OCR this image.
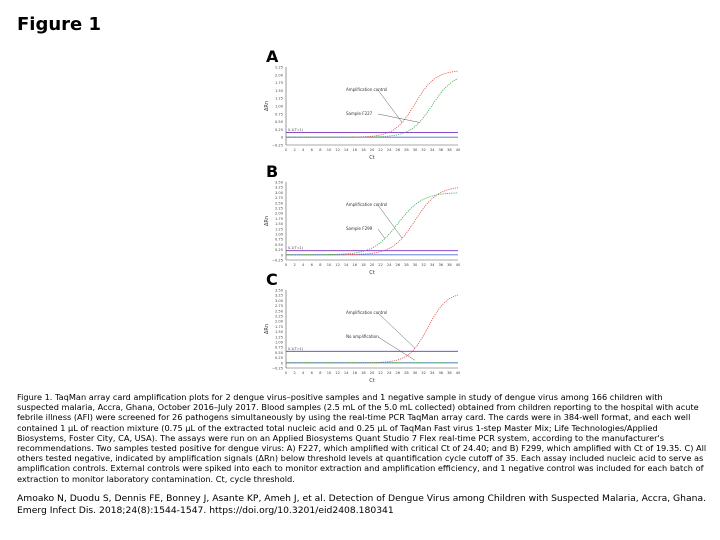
Figure 1
A
2.25
2.00
1.75
1.50
1.25
1.00
0.75
0.50
0.25
0
−0.25
0 2 4 6 8 10 12 14 16 18 20 22 24 26 28 30 32 34 36 38 40
Ct
ΔRn
0.1(T=1)
Amplification control
Sample F227
B
3.50
3.25
3.00
2.75
2.50
2.25
2.00
1.75
1.50
1.25
1.00
0.75
0.50
0.25
0
−0.25
0 2 4 6 8 10 12 14 16 18 20 22 24 26 28 30 32 34 36 38 40
Ct
ΔRn
0.1(T=1)
Amplification control
Sample F299
C
3.50
3.25
3.00
2.75
2.50
2.25
2.00
1.75
1.50
1.25
1.00
0.75
0.50
0.25
0
−0.25
0 2 4 6 8 10 12 14 16 18 20 22 24 26 28 30 32 34 36 38 40
Ct
ΔRn
0.1(T=1)
Amplification control
No amplification
Figure 1. TaqMan array card amplification plots for 2 dengue virus–positive samples and 1 negative sample in study of dengue virus among 166 children with suspected malaria, Accra, Ghana, October 2016–July 2017. Blood samples (2.5 mL of the 5.0 mL collected) obtained from children reporting to the hospital with acute febrile illness (AFI) were screened for 26 pathogens simultaneously by using the real-time PCR TaqMan array card. The cards were in 384-well format, and each well contained 1 µL of reaction mixture (0.75 µL of the extracted total nucleic acid and 0.25 µL of TaqMan Fast virus 1-step Master Mix; Life Technologies/Applied Biosystems, Foster City, CA, USA). The assays were run on an Applied Biosystems Quant Studio 7 Flex real-time PCR system, according to the manufacturer's recommendations. Two samples tested positive for dengue virus: A) F227, which amplified with critical Ct of 24.40; and B) F299, which amplified with Ct of 19.35. C) All others tested negative, indicated by amplification signals (ΔRn) below threshold levels at quantification cycle cutoff of 35. Each assay included nucleic acid to serve as amplification controls. External controls were spiked into each to monitor extraction and amplification efficiency, and 1 negative control was included for each batch of extraction to monitor laboratory contamination. Ct, cycle threshold.
Amoako N, Duodu S, Dennis FE, Bonney J, Asante KP, Ameh J, et al. Detection of Dengue Virus among Children with Suspected Malaria, Accra, Ghana. Emerg Infect Dis. 2018;24(8):1544-1547. https://doi.org/10.3201/eid2408.180341
